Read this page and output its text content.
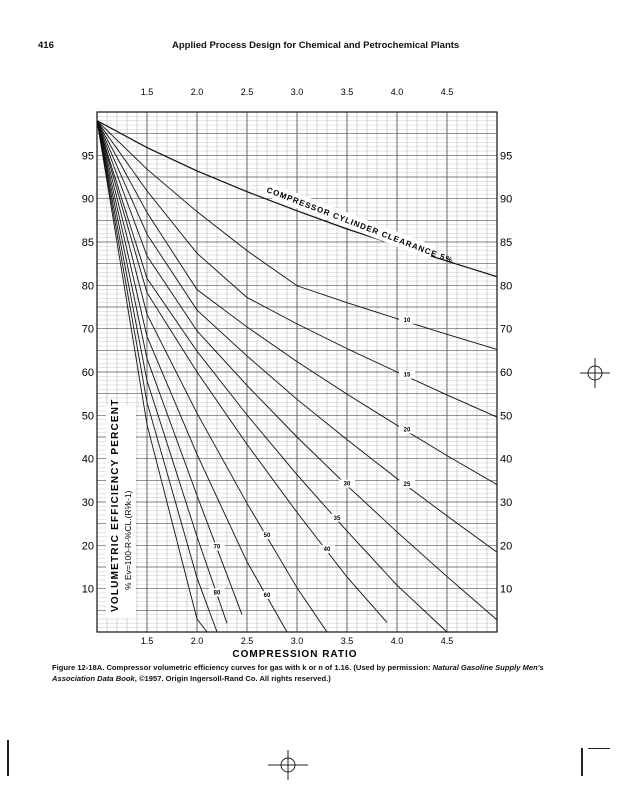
416	Applied Process Design for Chemical and Petrochemical Plants
1.5
1.5
2.0
2.0
2.5
2.5
3.0
3.0
3.5
3.5
4.0
4.0
4.5
4.5
95	95
90	90
85	85
80	80
70	70
60	60
50	50
40	40
30	30
20	20
10	10
10
15
20
25
30
35
40
50
60
70
80
VOLUMETRIC EFFICIENCY PERCENT % Ev=100-R-%CL.(R¹⁄k-1)
COMPRESSION RATIO
COMPRESSOR CYLINDER CLEARANCE 5%
Figure 12-18A. Compressor volumetric efficiency curves for gas with k or n of 1.16. (Used by permission: Natural Gasoline Supply Men's Association Data Book, ©1957. Origin Ingersoll-Rand Co. All rights reserved.)
